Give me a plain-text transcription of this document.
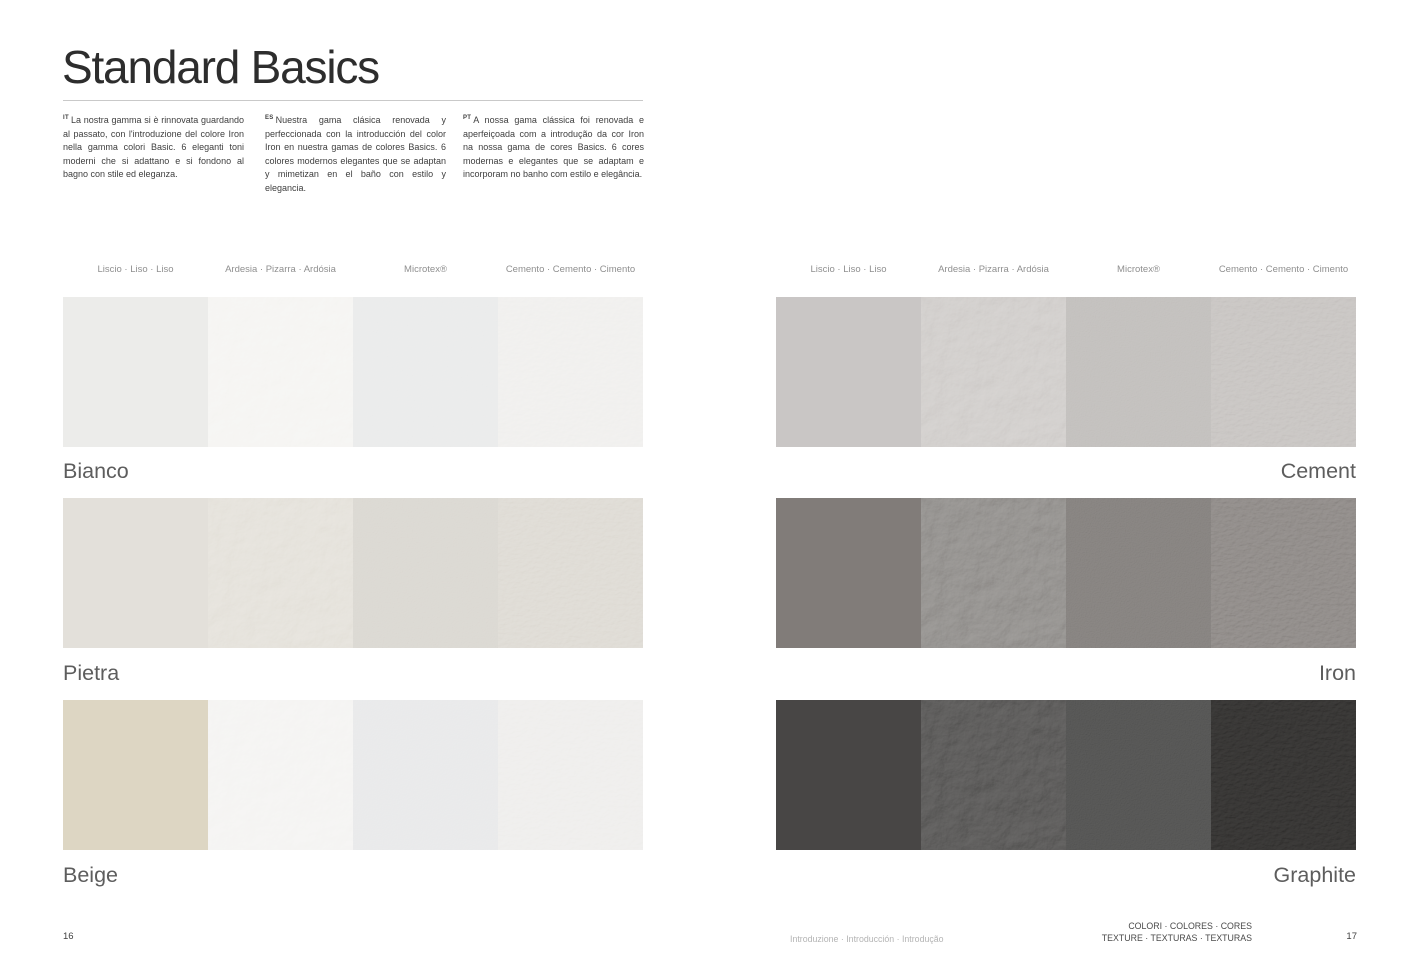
Standard Basics

$^{IT}$ La nostra gamma si è rinnovata guardando al passato, con l'introduzione del colore Iron nella gamma colori Basic. 6 eleganti toni moderni che si adattano e si fondono al bagno con stile ed eleganza.

$^{ES}$ Nuestra gama clásica renovada y perfeccionada con la introducción del color Iron en nuestra gamas de colores Basics. 6 colores modernos elegantes que se adaptan y mimetizan en el baño con estilo y elegancia.

$^{PT}$ A nossa gama clássica foi renovada e aperfeiçoada com a introdução da cor Iron na nossa gama de cores Basics. 6 cores modernas e elegantes que se adaptam e incorporam no banho com estilo e elegância.

Liscio · Liso · Liso	Ardesia · Pizarra · Ardósia	Microtex®	Cemento · Cemento · Cimento
Bianco
Pietra
Beige
Liscio · Liso · Liso	Ardesia · Pizarra · Ardósia	Microtex®	Cemento · Cemento · Cimento
Cement
Iron
Graphite
16	Introduzione · Introducción · Introdução
COLORI · COLORES · CORES
TEXTURE · TEXTURAS · TEXTURAS	17
